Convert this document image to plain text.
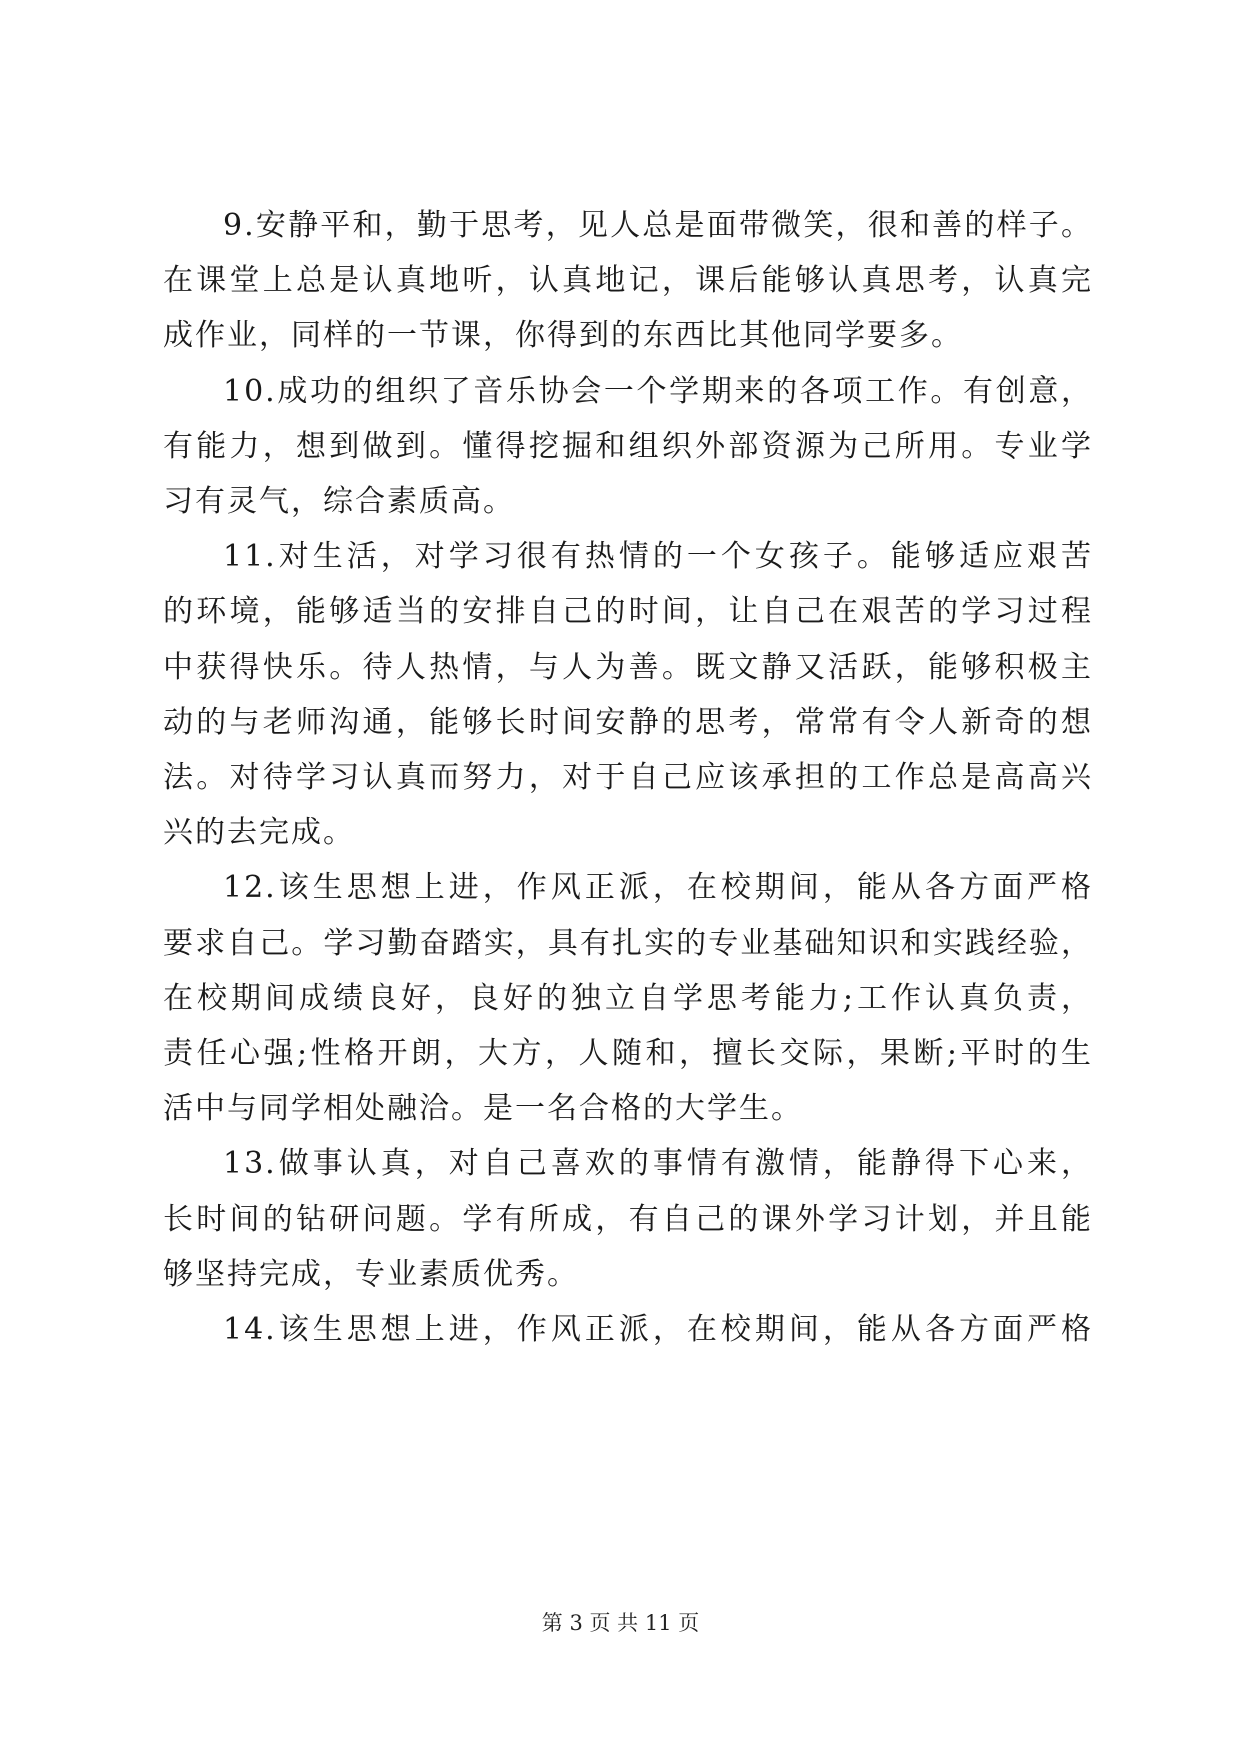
9.安静平和，勤于思考，见人总是面带微笑，很和善的样子。
在课堂上总是认真地听，认真地记，课后能够认真思考，认真完
成作业，同样的一节课，你得到的东西比其他同学要多。

10.成功的组织了音乐协会一个学期来的各项工作。有创意，
有能力，想到做到。懂得挖掘和组织外部资源为己所用。专业学
习有灵气，综合素质高。

11.对生活，对学习很有热情的一个女孩子。能够适应艰苦
的环境，能够适当的安排自己的时间，让自己在艰苦的学习过程
中获得快乐。待人热情，与人为善。既文静又活跃，能够积极主
动的与老师沟通，能够长时间安静的思考，常常有令人新奇的想
法。对待学习认真而努力，对于自己应该承担的工作总是高高兴
兴的去完成。

12.该生思想上进，作风正派，在校期间，能从各方面严格
要求自己。学习勤奋踏实，具有扎实的专业基础知识和实践经验，
在校期间成绩良好，良好的独立自学思考能力;工作认真负责，
责任心强;性格开朗，大方，人随和，擅长交际，果断;平时的生
活中与同学相处融洽。是一名合格的大学生。

13.做事认真，对自己喜欢的事情有激情，能静得下心来，
长时间的钻研问题。学有所成，有自己的课外学习计划，并且能
够坚持完成，专业素质优秀。

14.该生思想上进，作风正派，在校期间，能从各方面严格

第 3 页 共 11 页
